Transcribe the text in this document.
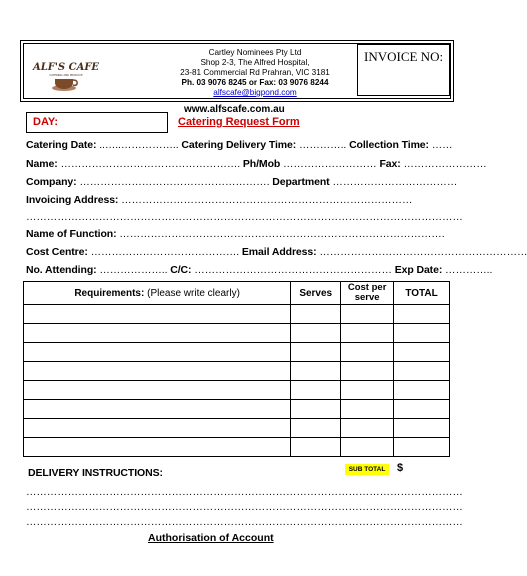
ALF'S CAFE
CATERING AND PRODUCE
Cartley Nominees Pty Ltd
Shop 2-3, The Alfred Hospital,
23-81 Commercial Rd Prahran, VIC 3181
Ph. 03 9076 8245 or Fax: 03 9076 8244
alfscafe@bigpond.com
INVOICE NO:
www.alfscafe.com.au
DAY:	Catering Request Form
Catering Date: ..…..…………….. Catering Delivery Time: ………….. Collection Time: ……
Name: ……………………………………………. Ph/Mob ……………………… Fax: ……………………
Company: ………………………………………………. Department ………………………………
Invoicing Address: …………………………………………………………………………
………………………………………………………………………………………………………………
Name of Function: ………………………………………………………………………………….
Cost Centre: ……………………………………. Email Address: ……………………………………………………
No. Attending: ……………….. C/C: ………………………………………………… Exp Date: …………..
Requirements: (Please write clearly)	Serves	Cost per serve	TOTAL

DELIVERY INSTRUCTIONS:	SUB TOTAL	$
………………………………………………………………………………………………………………
………………………………………………………………………………………………………………
………………………………………………………………………………………………………………
Authorisation of Account
